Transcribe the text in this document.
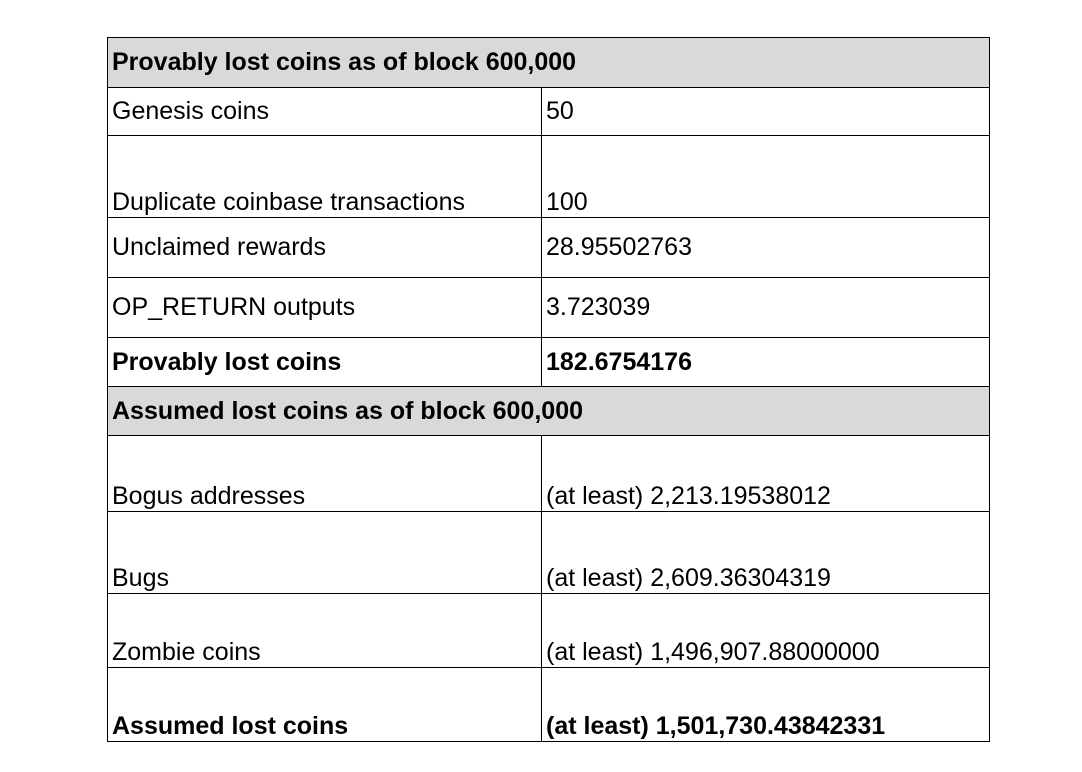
Provably lost coins as of block 600,000	
Genesis coins	50
Duplicate coinbase transactions	100
Unclaimed rewards	28.95502763
OP_RETURN outputs	3.723039
Provably lost coins	182.6754176
Assumed lost coins as of block 600,000	
Bogus addresses	(at least) 2,213.19538012
Bugs	(at least) 2,609.36304319
Zombie coins	(at least) 1,496,907.88000000
Assumed lost coins	(at least) 1,501,730.43842331
